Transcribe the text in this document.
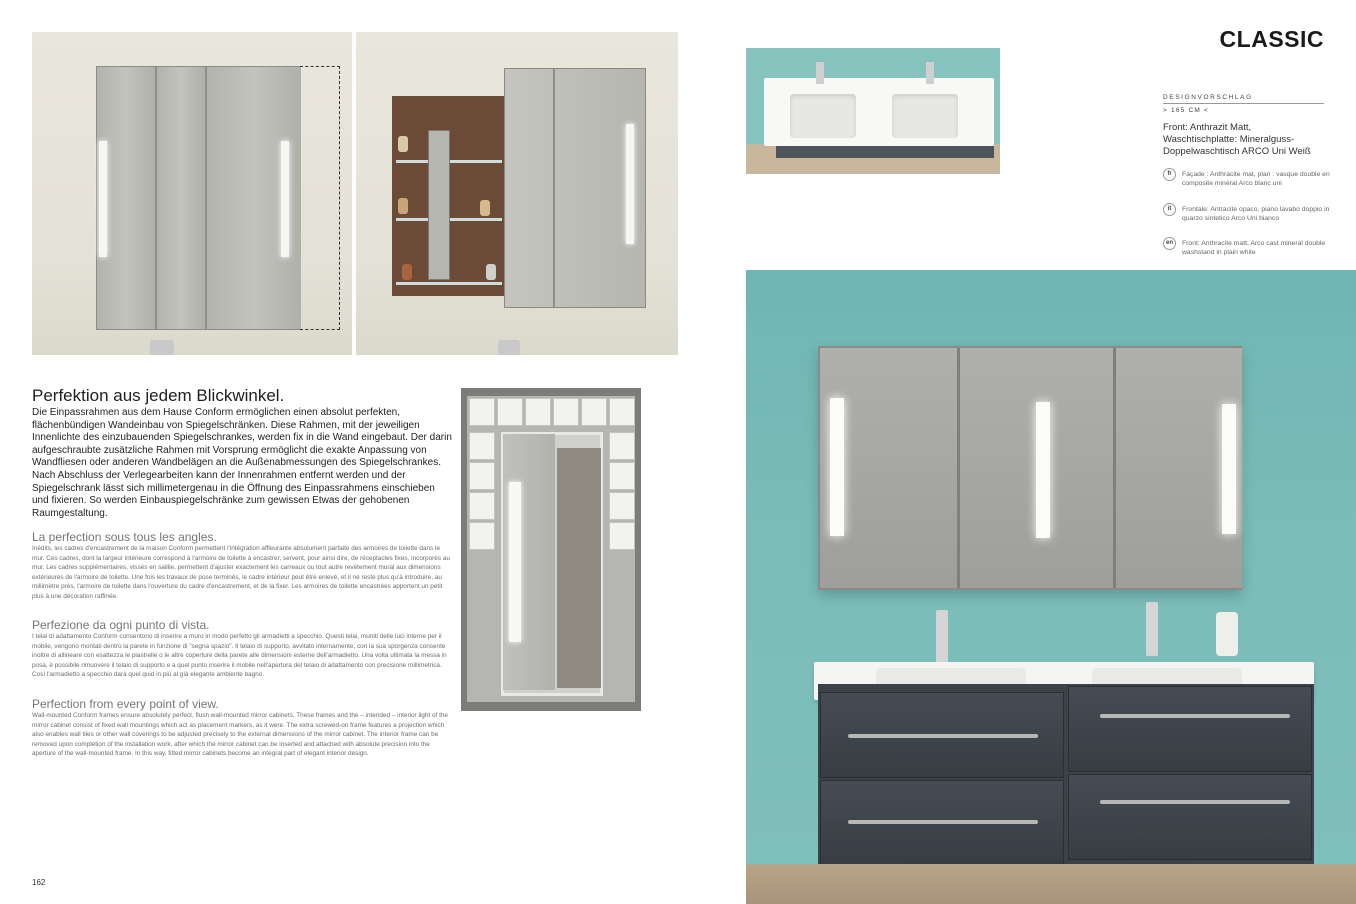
Perfektion aus jedem Blickwinkel.

Die Einpassrahmen aus dem Hause Conform ermöglichen einen absolut perfekten, flächenbündigen Wandeinbau von Spiegelschränken. Diese Rahmen, mit der jeweiligen Innenlichte des einzubauenden Spiegelschrankes, werden fix in die Wand eingebaut. Der darin aufgeschraubte zusätzliche Rahmen mit Vorsprung ermöglicht die exakte Anpassung von Wandfliesen oder anderen Wandbelägen an die Außenabmessungen des Spiegelschrankes. Nach Abschluss der Verlegearbeiten kann der Innenrahmen entfernt werden und der Spiegelschrank lässt sich millimetergenau in die Öffnung des Einpassrahmens einschieben und fixieren. So werden Einbauspiegelschränke zum gewissen Etwas der gehobenen Raumgestaltung.

La perfection sous tous les angles.

Inédits, les cadres d'encastrement de la maison Conform permettent l'intégration affleurante absolument parfaite des armoires de toilette dans le mur. Ces cadres, dont la largeur intérieure correspond à l'armoire de toilette à encastrer, servent, pour ainsi dire, de réceptacles fixes, incorporés au mur. Les cadres supplémentaires, vissés en saillie, permettent d'ajuster exactement les carreaux ou tout autre revêtement mural aux dimensions extérieures de l'armoire de toilette. Une fois les travaux de pose terminés, le cadre intérieur peut être enlevé, et il ne reste plus qu'à introduire, au millimètre près, l'armoire de toilette dans l'ouverture du cadre d'encastrement, et de la fixer. Les armoires de toilette encastrées apportent un petit plus à une décoration raffinée.

Perfezione da ogni punto di vista.

I telai di adattamento Conform consentono di inserire a muro in modo perfetto gli armadietti a specchio. Questi telai, muniti delle luci interne per il mobile, vengono montati dentro la parete in funzione di "segna spazio". Il telaio di supporto, avvitato internamente, con la sua sporgenza consente inoltre di allineare con esattezza le piastrelle o le altre coperture della parete alle dimensioni esterne dell'armadietto. Una volta ultimata la messa in posa, è possibile rimuovere il telaio di supporto e a quel punto inserire il mobile nell'apertura del telaio di adattamento con precisione millimetrica. Così l'armadietto a specchio darà quel quid in più al già elegante ambiente bagno.

Perfection from every point of view.

Wall-mounted Conform frames ensure absolutely perfect, flush wall-mounted mirror cabinets. These frames and the – intended – interior light of the mirror cabinet consist of fixed wall mountings which act as placement markers, as it were. The extra screwed-on frame features a projection which also enables wall tiles or other wall coverings to be adjusted precisely to the external dimensions of the mirror cabinet. The interior frame can be removed upon completion of the installation work, after which the mirror cabinet can be inserted and attached with absolute precision into the aperture of the wall-mounted frame. In this way, fitted mirror cabinets become an integral part of elegant interior design.

162
CLASSIC
DESIGNVORSCHLAG
> 165 CM <

Front: Anthrazit Matt, Waschtischplatte: Mineralguss-Doppelwaschtisch ARCO Uni Weiß

fr	Façade : Anthracite mat, plan : vasque double en composite minéral Arco blanc uni
it	Frontale: Antracite opaco, piano lavabo doppio in quarzo sintetico Arco Uni bianco
en	Front: Anthracite matt, Arco cast mineral double washstand in plain white
